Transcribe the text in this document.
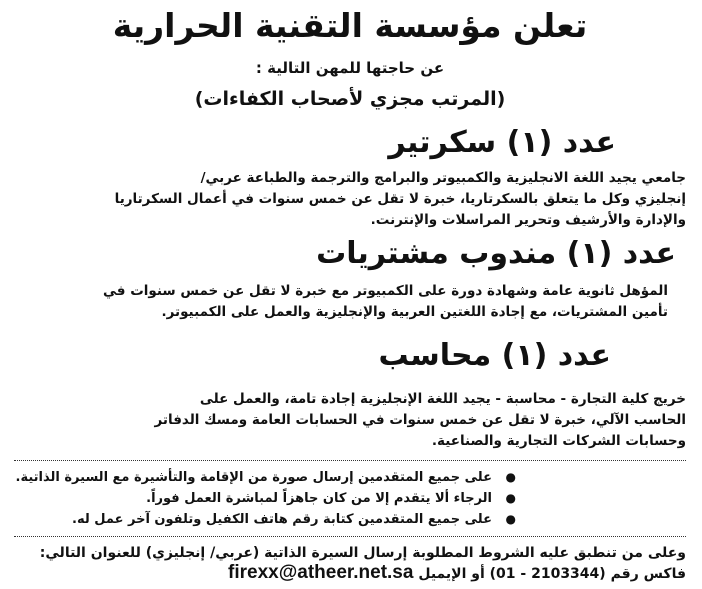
تعلن مؤسسة التقنية الحرارية
عن حاجتها للمهن التالية :
(المرتب مجزي لأصحاب الكفاءات)
عدد (١) سكرتير
جامعي يجيد اللغة الانجليزية والكمبيوتر والبرامج والترجمة والطباعة عربي/
إنجليزي وكل ما يتعلق بالسكرتاريا، خبرة لا تقل عن خمس سنوات في أعمال السكرتاريا
والإدارة والأرشيف وتحرير المراسلات والإنترنت.
عدد (١) مندوب مشتريات
المؤهل ثانوية عامة وشهادة دورة على الكمبيوتر مع خبرة لا تقل عن خمس سنوات في
تأمين المشتريات، مع إجادة اللغتين العربية والإنجليزية والعمل على الكمبيوتر.
عدد (١) محاسب
خريج كلية التجارة - محاسبة - يجيد اللغة الإنجليزية إجادة تامة، والعمل على
الحاسب الآلي، خبرة لا تقل عن خمس سنوات في الحسابات العامة ومسك الدفاتر
وحسابات الشركات التجارية والصناعية.
●على جميع المتقدمين إرسال صورة من الإقامة والتأشيرة مع السيرة الذاتية.
●الرجاء ألا يتقدم إلا من كان جاهزاً لمباشرة العمل فوراً.
●على جميع المتقدمين كتابة رقم هاتف الكفيل وتلفون آخر عمل له.
وعلى من تنطبق عليه الشروط المطلوبة إرسال السيرة الذاتية (عربي/ إنجليزي) للعنوان التالي:
فاكس رقم (01 - 2103344) أو الإيميل firexx@atheer.net.sa
